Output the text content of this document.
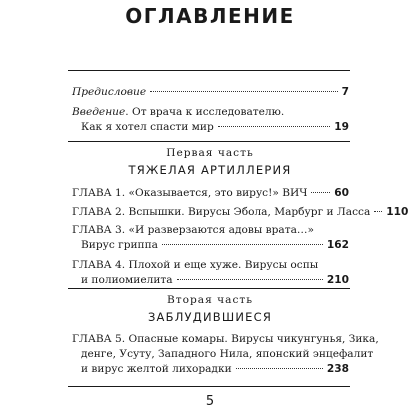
ОГЛАВЛЕНИЕ
Предисловие	7
Введение. От врача к исследователю.
Как я хотел спасти мир	19
Первая часть
ТЯЖЕЛАЯ АРТИЛЛЕРИЯ
ГЛАВА 1. «Оказывается, это вирус!» ВИЧ	60
ГЛАВА 2. Вспышки. Вирусы Эбола, Марбург и Ласса 110
ГЛАВА 3. «И разверзаются адовы врата…»
Вирус гриппа	162
ГЛАВА 4. Плохой и еще хуже. Вирусы оспы
и полиомиелита	210
Вторая часть
ЗАБЛУДИВШИЕСЯ
ГЛАВА 5. Опасные комары. Вирусы чикунгунья, Зика,
денге, Усуту, Западного Нила, японский энцефалит
и вирус желтой лихорадки	238
5
